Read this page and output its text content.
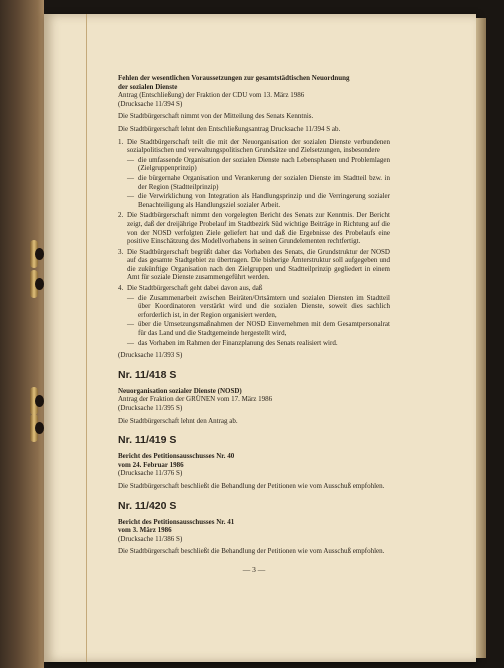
Fehlen der wesentlichen Voraussetzungen zur gesamtstädtischen Neuordnung

der sozialen Dienste

Antrag (Entschließung) der Fraktion der CDU vom 13. März 1986

(Drucksache 11/394 S)

Die Stadtbürgerschaft nimmt von der Mitteilung des Senats Kenntnis.

Die Stadtbürgerschaft lehnt den Entschließungsantrag Drucksache 11/394 S ab.

1. Die Stadtbürgerschaft teilt die mit der Neuorganisation der sozialen Dienste verbundenen sozialpolitischen und verwaltungspolitischen Grundsätze und Zielsetzungen, insbesondere
— die umfassende Organisation der sozialen Dienste nach Lebensphasen und Problemlagen (Zielgruppenprinzip)
— die bürgernahe Organisation und Verankerung der sozialen Dienste im Stadtteil bzw. in der Region (Stadtteilprinzip)
— die Verwirklichung von Integration als Handlungsprinzip und die Verringerung sozialer Benachteiligung als Handlungsziel sozialer Arbeit.
2. Die Stadtbürgerschaft nimmt den vorgelegten Bericht des Senats zur Kenntnis. Der Bericht zeigt, daß der dreijährige Probelauf im Stadtbezirk Süd wichtige Beiträge in Richtung auf die von der NOSD verfolgten Ziele geliefert hat und daß die Ergebnisse des Probelaufs eine positive Einschätzung des Modellvorhabens in seinen Grundelementen rechtfertigt.
3. Die Stadtbürgerschaft begrüßt daher das Vorhaben des Senats, die Grundstruktur der NOSD auf das gesamte Stadtgebiet zu übertragen. Die bisherige Ämterstruktur soll aufgegeben und die zukünftige Organisation nach den Zielgruppen und Stadtteilprinzip gegliedert in einem Amt für soziale Dienste zusammengeführt werden.
4. Die Stadtbürgerschaft geht dabei davon aus, daß
— die Zusammenarbeit zwischen Beiräten/Ortsämtern und sozialen Diensten im Stadtteil über Koordinatoren verstärkt wird und die sozialen Dienste, soweit dies sachlich erforderlich ist, in der Region organisiert werden,
— über die Umsetzungsmaßnahmen der NOSD Einvernehmen mit dem Gesamtpersonalrat für das Land und die Stadtgemeinde hergestellt wird,
— das Vorhaben im Rahmen der Finanzplanung des Senats realisiert wird.

(Drucksache 11/393 S)

Nr. 11/418 S

Neuorganisation sozialer Dienste (NOSD)

Antrag der Fraktion der GRÜNEN vom 17. März 1986

(Drucksache 11/395 S)

Die Stadtbürgerschaft lehnt den Antrag ab.

Nr. 11/419 S

Bericht des Petitionsausschusses Nr. 40

vom 24. Februar 1986

(Drucksache 11/376 S)

Die Stadtbürgerschaft beschließt die Behandlung der Petitionen wie vom Ausschuß empfohlen.

Nr. 11/420 S

Bericht des Petitionsausschusses Nr. 41

vom 3. März 1986

(Drucksache 11/386 S)

Die Stadtbürgerschaft beschließt die Behandlung der Petitionen wie vom Ausschuß empfohlen.

— 3 —
